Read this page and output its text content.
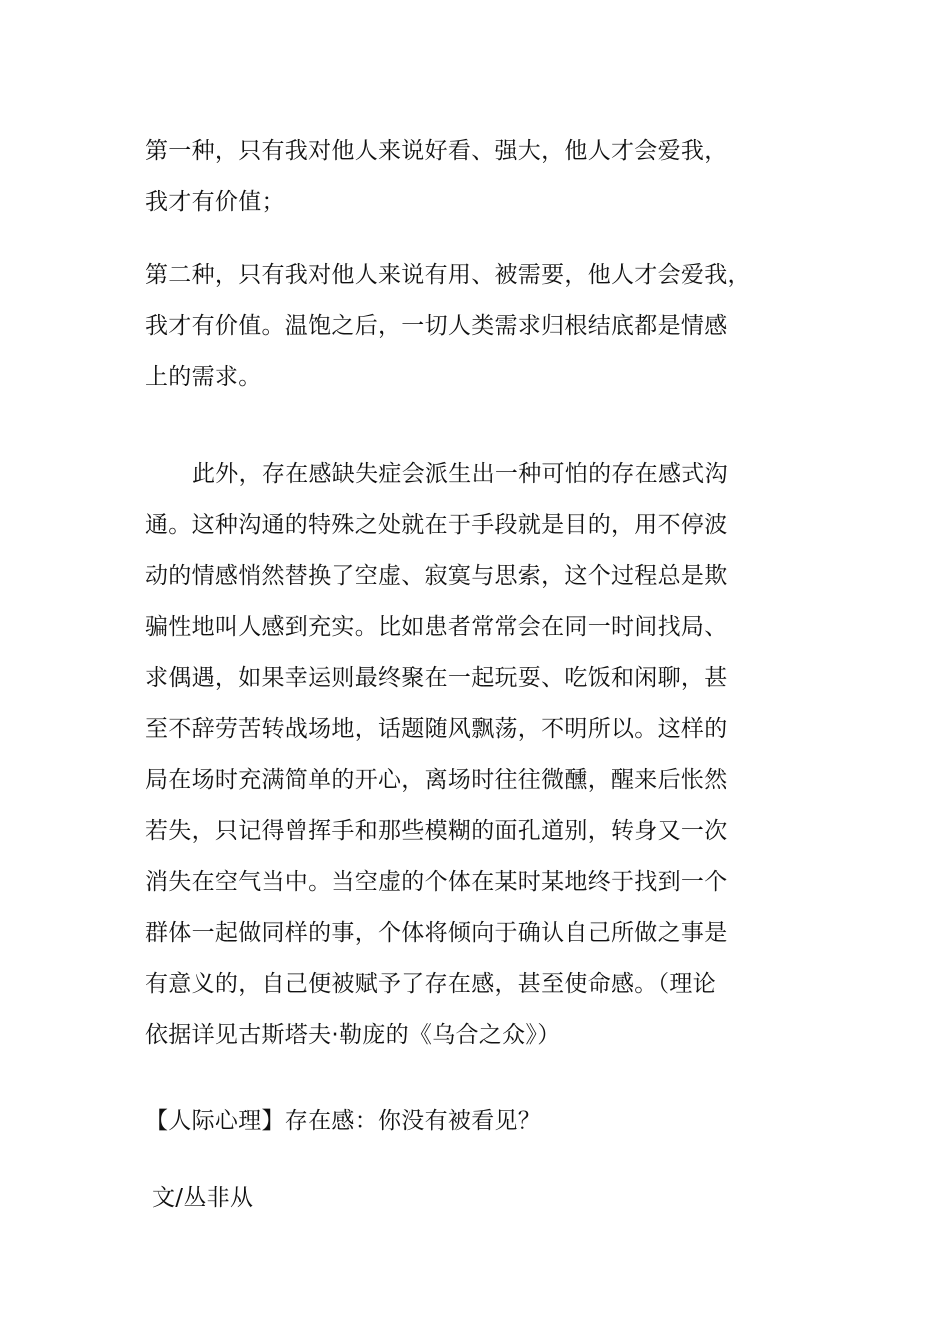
第一种，只有我对他人来说好看、强大，他人才会爱我，
我才有价值；

第二种，只有我对他人来说有用、被需要，他人才会爱我，
我才有价值。温饱之后，一切人类需求归根结底都是情感
上的需求。

此外，存在感缺失症会派生出一种可怕的存在感式沟
通。这种沟通的特殊之处就在于手段就是目的，用不停波
动的情感悄然替换了空虚、寂寞与思索，这个过程总是欺
骗性地叫人感到充实。比如患者常常会在同一时间找局、
求偶遇，如果幸运则最终聚在一起玩耍、吃饭和闲聊，甚
至不辞劳苦转战场地，话题随风飘荡，不明所以。这样的
局在场时充满简单的开心，离场时往往微醺，醒来后怅然
若失，只记得曾挥手和那些模糊的面孔道别，转身又一次
消失在空气当中。当空虚的个体在某时某地终于找到一个
群体一起做同样的事，个体将倾向于确认自己所做之事是
有意义的，自己便被赋予了存在感，甚至使命感。（理论
依据详见古斯塔夫·勒庞的《乌合之众》）

【人际心理】存在感：你没有被看见？

文/丛非从
